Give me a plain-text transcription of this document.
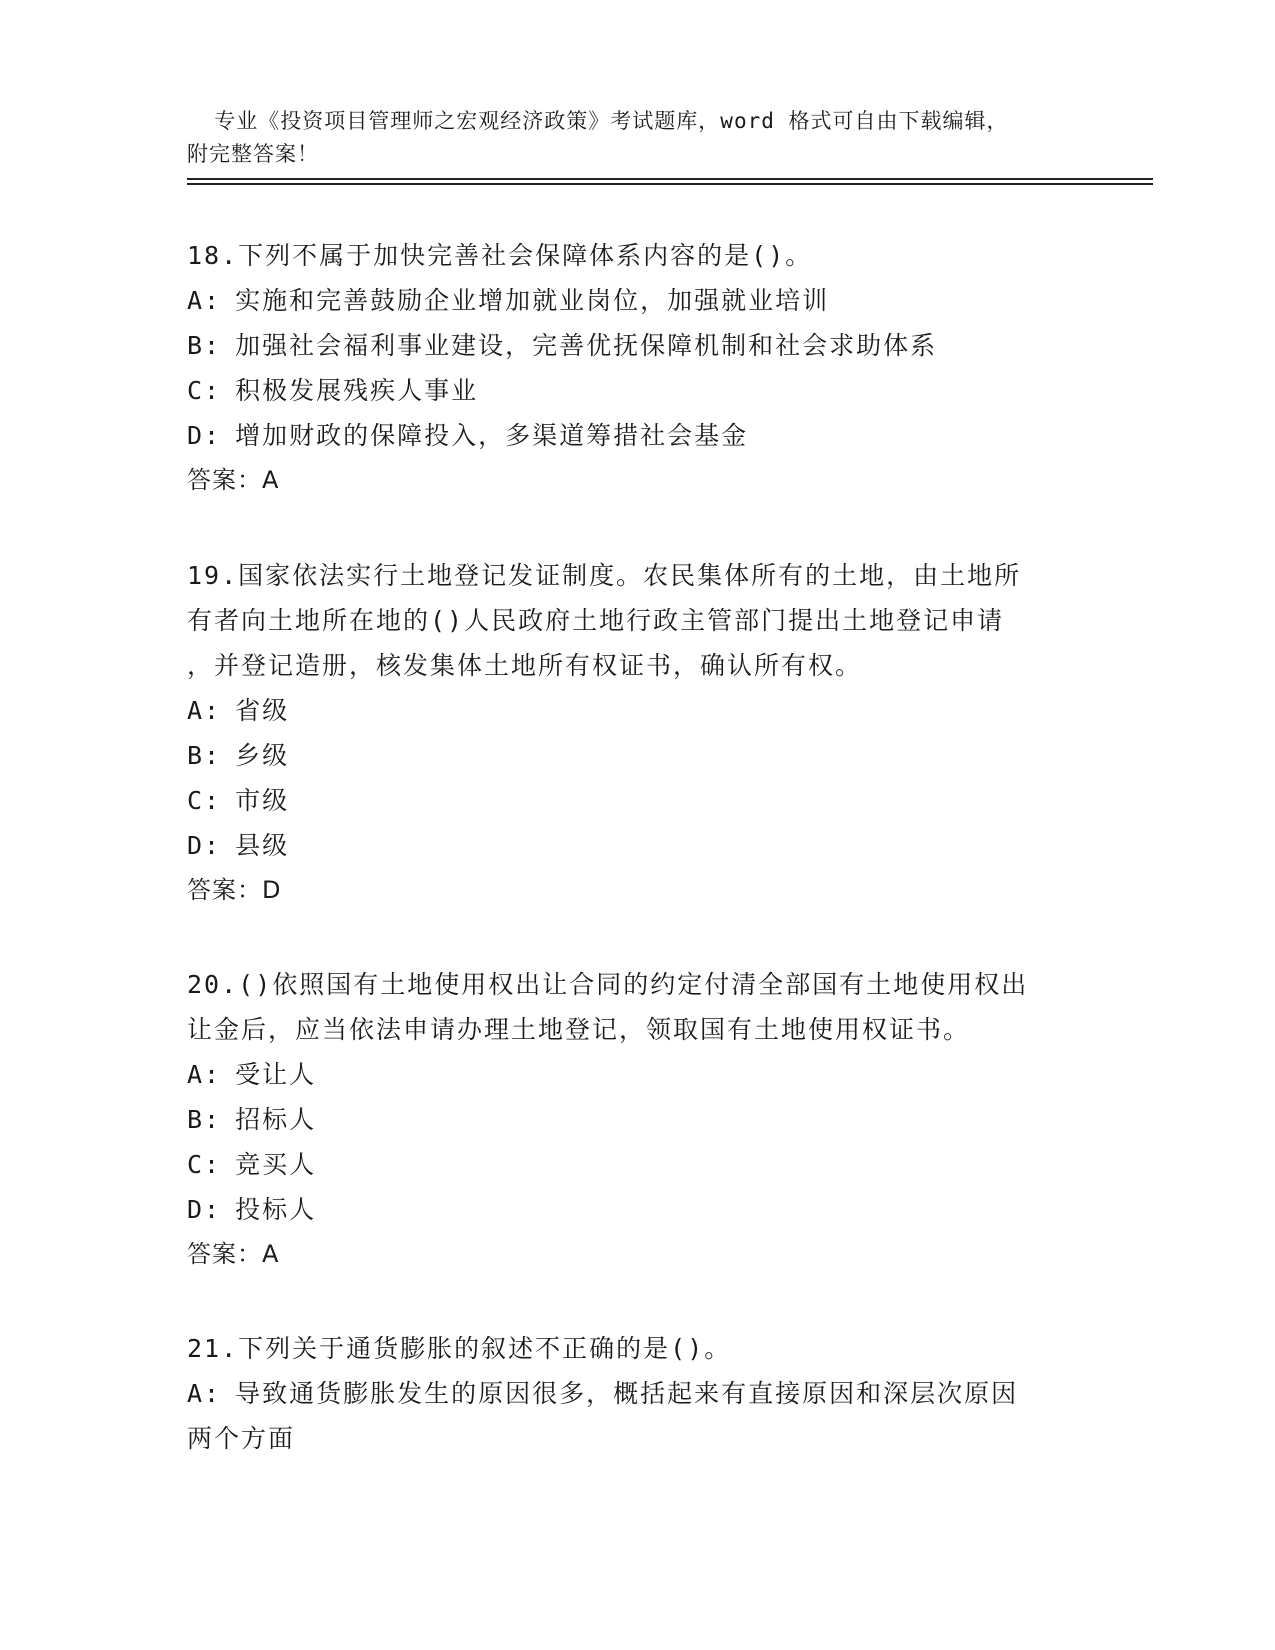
专业《投资项目管理师之宏观经济政策》考试题库，word 格式可自由下载编辑，
附完整答案！

18.下列不属于加快完善社会保障体系内容的是()。

A: 实施和完善鼓励企业增加就业岗位，加强就业培训
B: 加强社会福利事业建设，完善优抚保障机制和社会求助体系
C: 积极发展残疾人事业
D: 增加财政的保障投入，多渠道筹措社会基金
答案：A

19.国家依法实行土地登记发证制度。农民集体所有的土地，由土地所
有者向土地所在地的()人民政府土地行政主管部门提出土地登记申请
，并登记造册，核发集体土地所有权证书，确认所有权。

A: 省级
B: 乡级
C: 市级
D: 县级
答案：D

20.()依照国有土地使用权出让合同的约定付清全部国有土地使用权出
让金后，应当依法申请办理土地登记，领取国有土地使用权证书。

A: 受让人
B: 招标人
C: 竞买人
D: 投标人
答案：A

21.下列关于通货膨胀的叙述不正确的是()。

A: 导致通货膨胀发生的原因很多，概括起来有直接原因和深层次原因
两个方面
